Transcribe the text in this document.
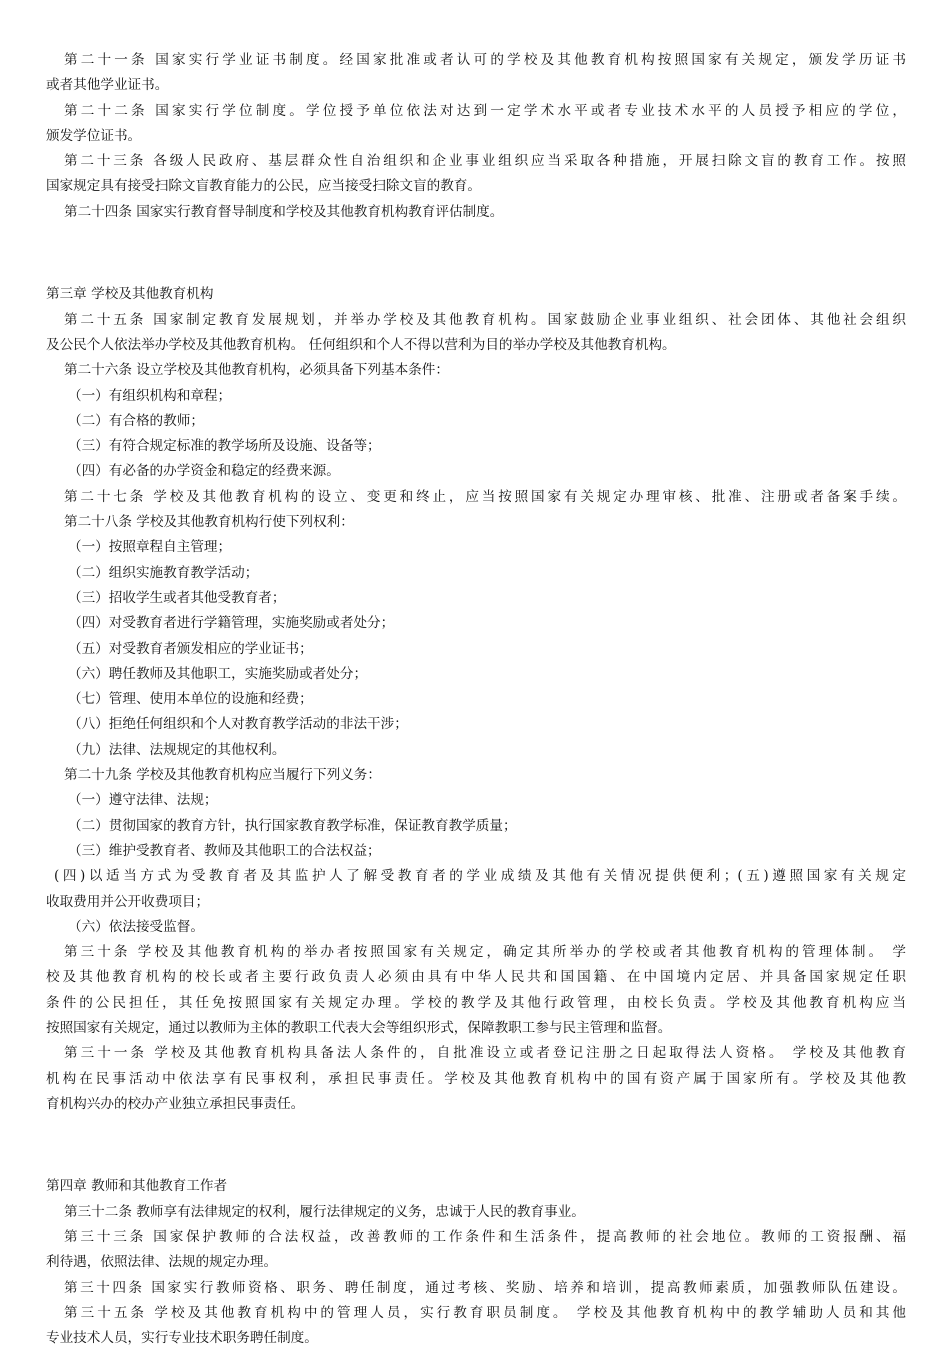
第二十一条 国家实行学业证书制度。经国家批准或者认可的学校及其他教育机构按照国家有关规定，颁发学历证书

或者其他学业证书。

第二十二条 国家实行学位制度。学位授予单位依法对达到一定学术水平或者专业技术水平的人员授予相应的学位，

颁发学位证书。

第二十三条 各级人民政府、基层群众性自治组织和企业事业组织应当采取各种措施，开展扫除文盲的教育工作。按照

国家规定具有接受扫除文盲教育能力的公民，应当接受扫除文盲的教育。

第二十四条 国家实行教育督导制度和学校及其他教育机构教育评估制度。

第三章 学校及其他教育机构

第二十五条 国家制定教育发展规划，并举办学校及其他教育机构。国家鼓励企业事业组织、社会团体、其他社会组织

及公民个人依法举办学校及其他教育机构。 任何组织和个人不得以营利为目的举办学校及其他教育机构。

第二十六条 设立学校及其他教育机构，必须具备下列基本条件：

（一）有组织机构和章程；

（二）有合格的教师；

（三）有符合规定标准的教学场所及设施、设备等；

（四）有必备的办学资金和稳定的经费来源。

第二十七条 学校及其他教育机构的设立、变更和终止，应当按照国家有关规定办理审核、批准、注册或者备案手续。

第二十八条 学校及其他教育机构行使下列权利：

（一）按照章程自主管理；

（二）组织实施教育教学活动；

（三）招收学生或者其他受教育者；

（四）对受教育者进行学籍管理，实施奖励或者处分；

（五）对受教育者颁发相应的学业证书；

（六）聘任教师及其他职工，实施奖励或者处分；

（七）管理、使用本单位的设施和经费；

（八）拒绝任何组织和个人对教育教学活动的非法干涉；

（九）法律、法规规定的其他权利。

第二十九条 学校及其他教育机构应当履行下列义务：

（一）遵守法律、法规；

（二）贯彻国家的教育方针，执行国家教育教学标准，保证教育教学质量；

（三）维护受教育者、教师及其他职工的合法权益；

(四)以适当方式为受教育者及其监护人了解受教育者的学业成绩及其他有关情况提供便利；(五)遵照国家有关规定

收取费用并公开收费项目；

（六）依法接受监督。

第三十条 学校及其他教育机构的举办者按照国家有关规定，确定其所举办的学校或者其他教育机构的管理体制。 学

校及其他教育机构的校长或者主要行政负责人必须由具有中华人民共和国国籍、在中国境内定居、并具备国家规定任职

条件的公民担任，其任免按照国家有关规定办理。学校的教学及其他行政管理，由校长负责。学校及其他教育机构应当

按照国家有关规定，通过以教师为主体的教职工代表大会等组织形式，保障教职工参与民主管理和监督。

第三十一条 学校及其他教育机构具备法人条件的，自批准设立或者登记注册之日起取得法人资格。 学校及其他教育

机构在民事活动中依法享有民事权利，承担民事责任。学校及其他教育机构中的国有资产属于国家所有。学校及其他教

育机构兴办的校办产业独立承担民事责任。

第四章 教师和其他教育工作者

第三十二条 教师享有法律规定的权利，履行法律规定的义务，忠诚于人民的教育事业。

第三十三条 国家保护教师的合法权益，改善教师的工作条件和生活条件，提高教师的社会地位。教师的工资报酬、福

利待遇，依照法律、法规的规定办理。

第三十四条 国家实行教师资格、职务、聘任制度，通过考核、奖励、培养和培训，提高教师素质，加强教师队伍建设。

第三十五条 学校及其他教育机构中的管理人员，实行教育职员制度。 学校及其他教育机构中的教学辅助人员和其他

专业技术人员，实行专业技术职务聘任制度。
